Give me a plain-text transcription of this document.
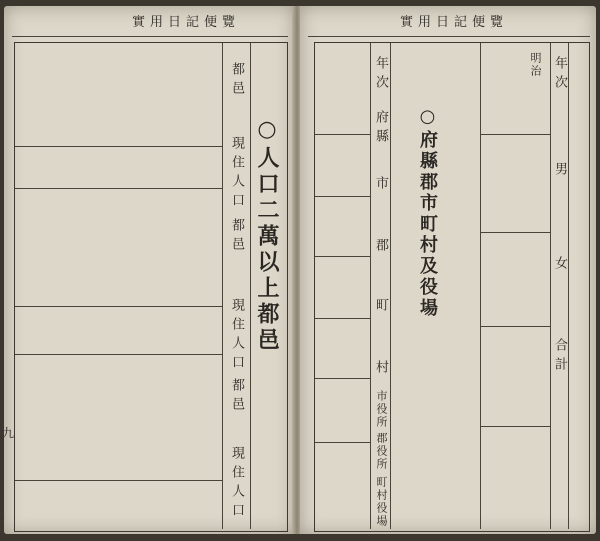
實用日記便覽
都邑
現住人口
都邑
現住人口
都邑
現住人口
○人口二萬以上都邑
九
實用日記便覽
年次
男
女
合計
明治
○府縣郡市町村及役場
年次
府縣
市
郡
町
村
市役所
郡役所
町村役場
